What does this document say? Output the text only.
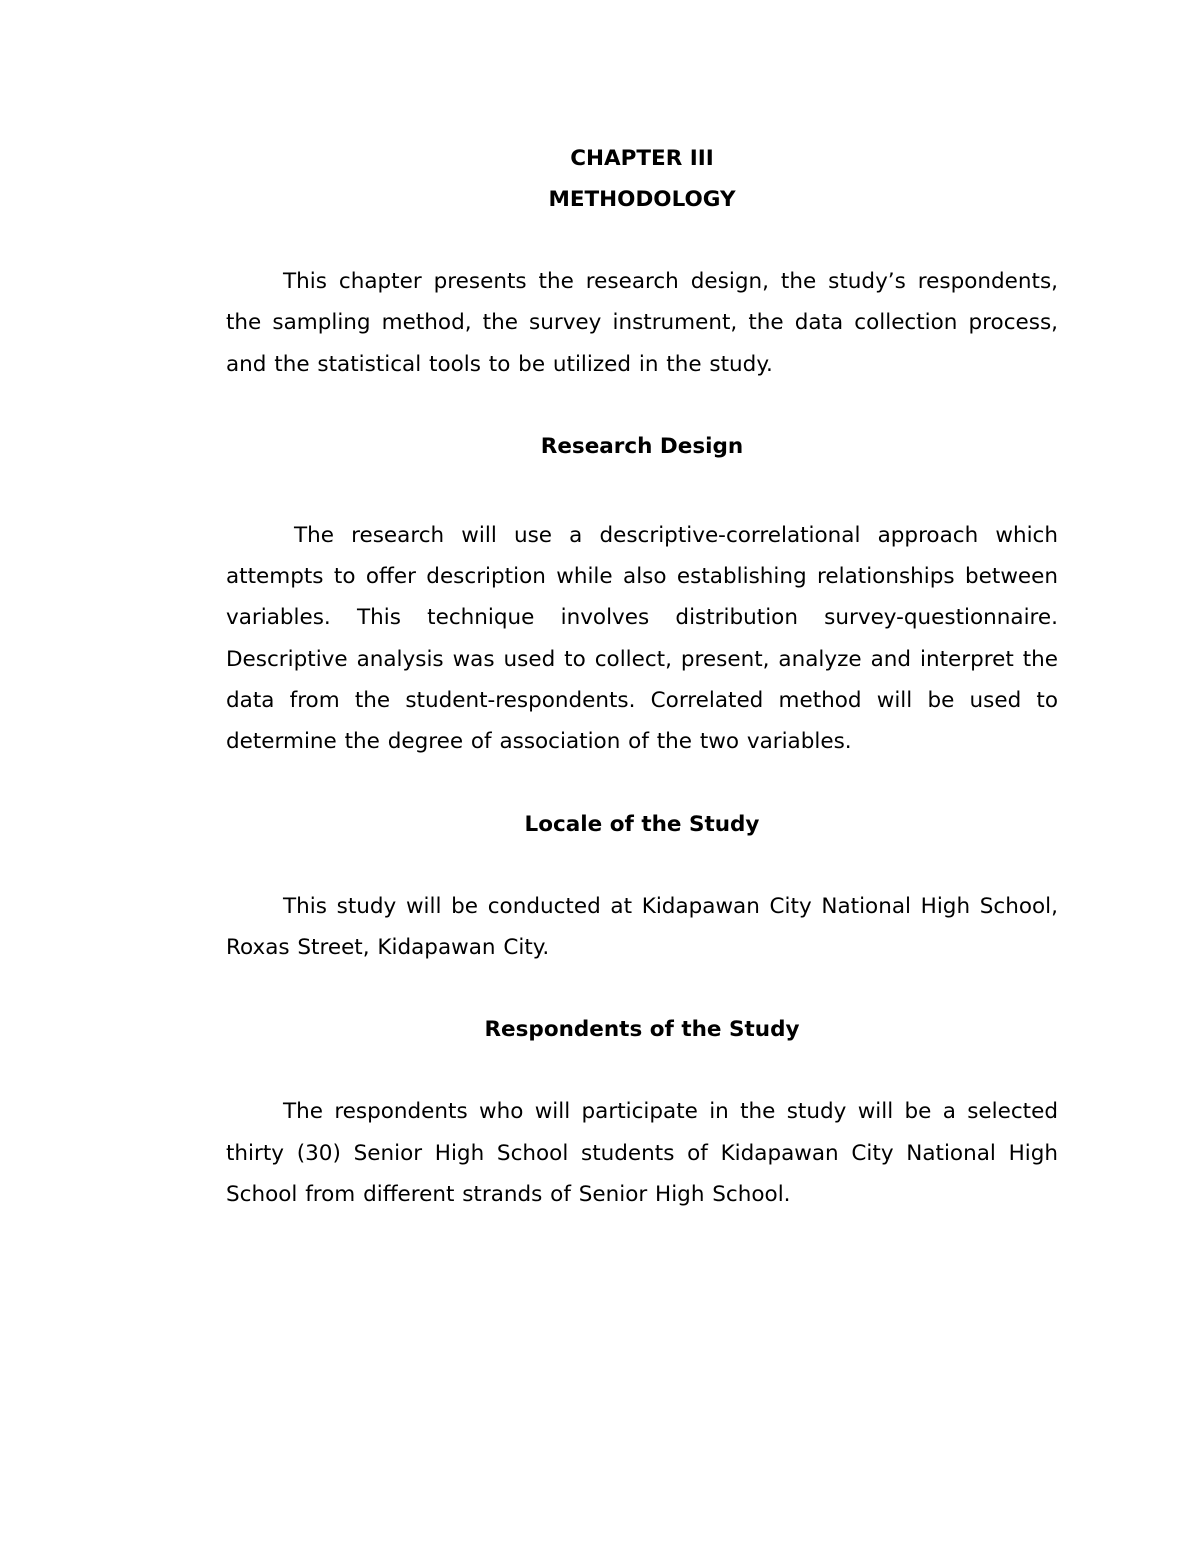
CHAPTER III
METHODOLOGY

This chapter presents the research design, the study’s respondents, the sampling method, the survey instrument, the data collection process, and the statistical tools to be utilized in the study.

Research Design

The research will use a descriptive-correlational approach which attempts to offer description while also establishing relationships between variables. This technique involves distribution survey-questionnaire. Descriptive analysis was used to collect, present, analyze and interpret the data from the student-respondents. Correlated method will be used to determine the degree of association of the two variables.

Locale of the Study

This study will be conducted at Kidapawan City National High School, Roxas Street, Kidapawan City.

Respondents of the Study

The respondents who will participate in the study will be a selected thirty (30) Senior High School students of Kidapawan City National High School from different strands of Senior High School.
